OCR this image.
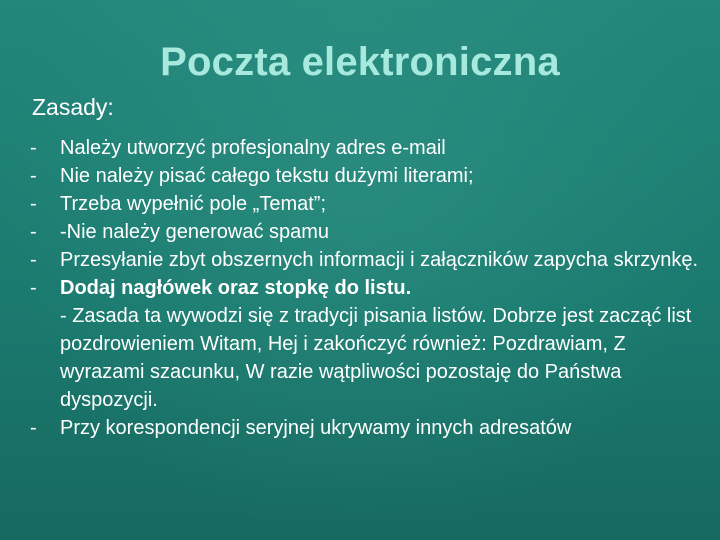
Poczta elektroniczna

Zasady:

-	Należy utworzyć profesjonalny adres e-mail
-	Nie należy pisać całego tekstu dużymi literami;
-	Trzeba wypełnić pole „Temat”;
-	-Nie należy generować spamu
-	Przesyłanie zbyt obszernych informacji i załączników zapycha skrzynkę.
-	Dodaj nagłówek oraz stopkę do listu.
- Zasada ta wywodzi się z tradycji pisania listów. Dobrze jest zacząć list pozdrowieniem Witam, Hej i zakończyć również: Pozdrawiam, Z wyrazami szacunku, W razie wątpliwości pozostaję do Państwa dyspozycji.
-	Przy korespondencji seryjnej ukrywamy innych adresatów
